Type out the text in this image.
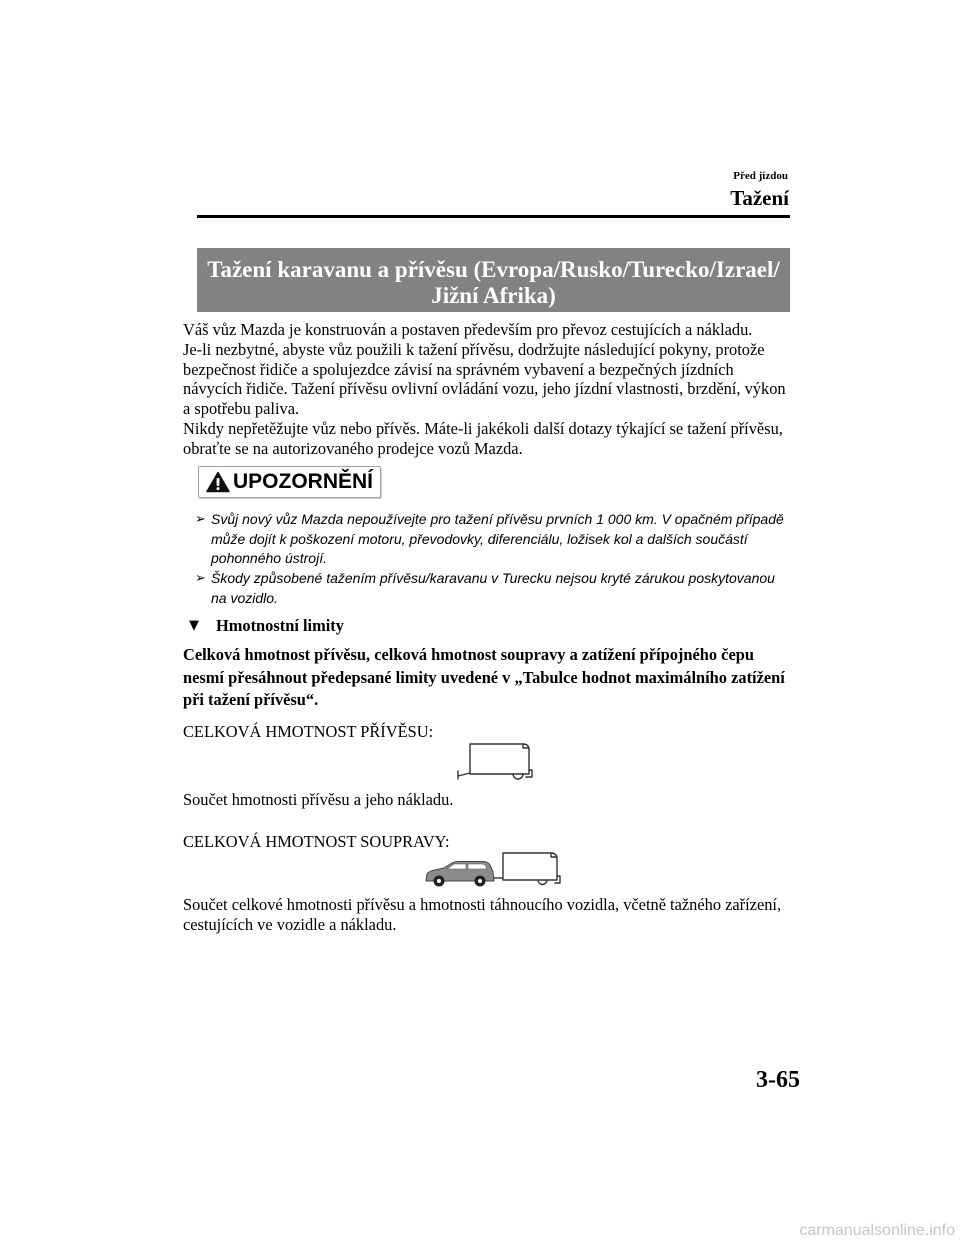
Před jízdou
Tažení
Tažení karavanu a přívěsu (Evropa/Rusko/Turecko/Izrael/
Jižní Afrika)
Váš vůz Mazda je konstruován a postaven především pro převoz cestujících a nákladu.
Je-li nezbytné, abyste vůz použili k tažení přívěsu, dodržujte následující pokyny, protože
bezpečnost řidiče a spolujezdce závisí na správném vybavení a bezpečných jízdních
návycích řidiče. Tažení přívěsu ovlivní ovládání vozu, jeho jízdní vlastnosti, brzdění, výkon
a spotřebu paliva.
Nikdy nepřetěžujte vůz nebo přívěs. Máte-li jakékoli další dotazy týkající se tažení přívěsu,
obraťte se na autorizovaného prodejce vozů Mazda.
UPOZORNĚNÍ
➢ Svůj nový vůz Mazda nepoužívejte pro tažení přívěsu prvních 1 000 km. V opačném případě
může dojít k poškození motoru, převodovky, diferenciálu, ložisek kol a dalších součástí
pohonného ústrojí.
➢ Škody způsobené tažením přívěsu/karavanu v Turecku nejsou kryté zárukou poskytovanou
na vozidlo.
▼ Hmotnostní limity
Celková hmotnost přívěsu, celková hmotnost soupravy a zatížení přípojného čepu
nesmí přesáhnout předepsané limity uvedené v „Tabulce hodnot maximálního zatížení
při tažení přívěsu“.
CELKOVÁ HMOTNOST PŘÍVĚSU:
Součet hmotnosti přívěsu a jeho nákladu.
CELKOVÁ HMOTNOST SOUPRAVY:
Součet celkové hmotnosti přívěsu a hmotnosti táhnoucího vozidla, včetně tažného zařízení,
cestujících ve vozidle a nákladu.
3-65
carmanualsonline.info
